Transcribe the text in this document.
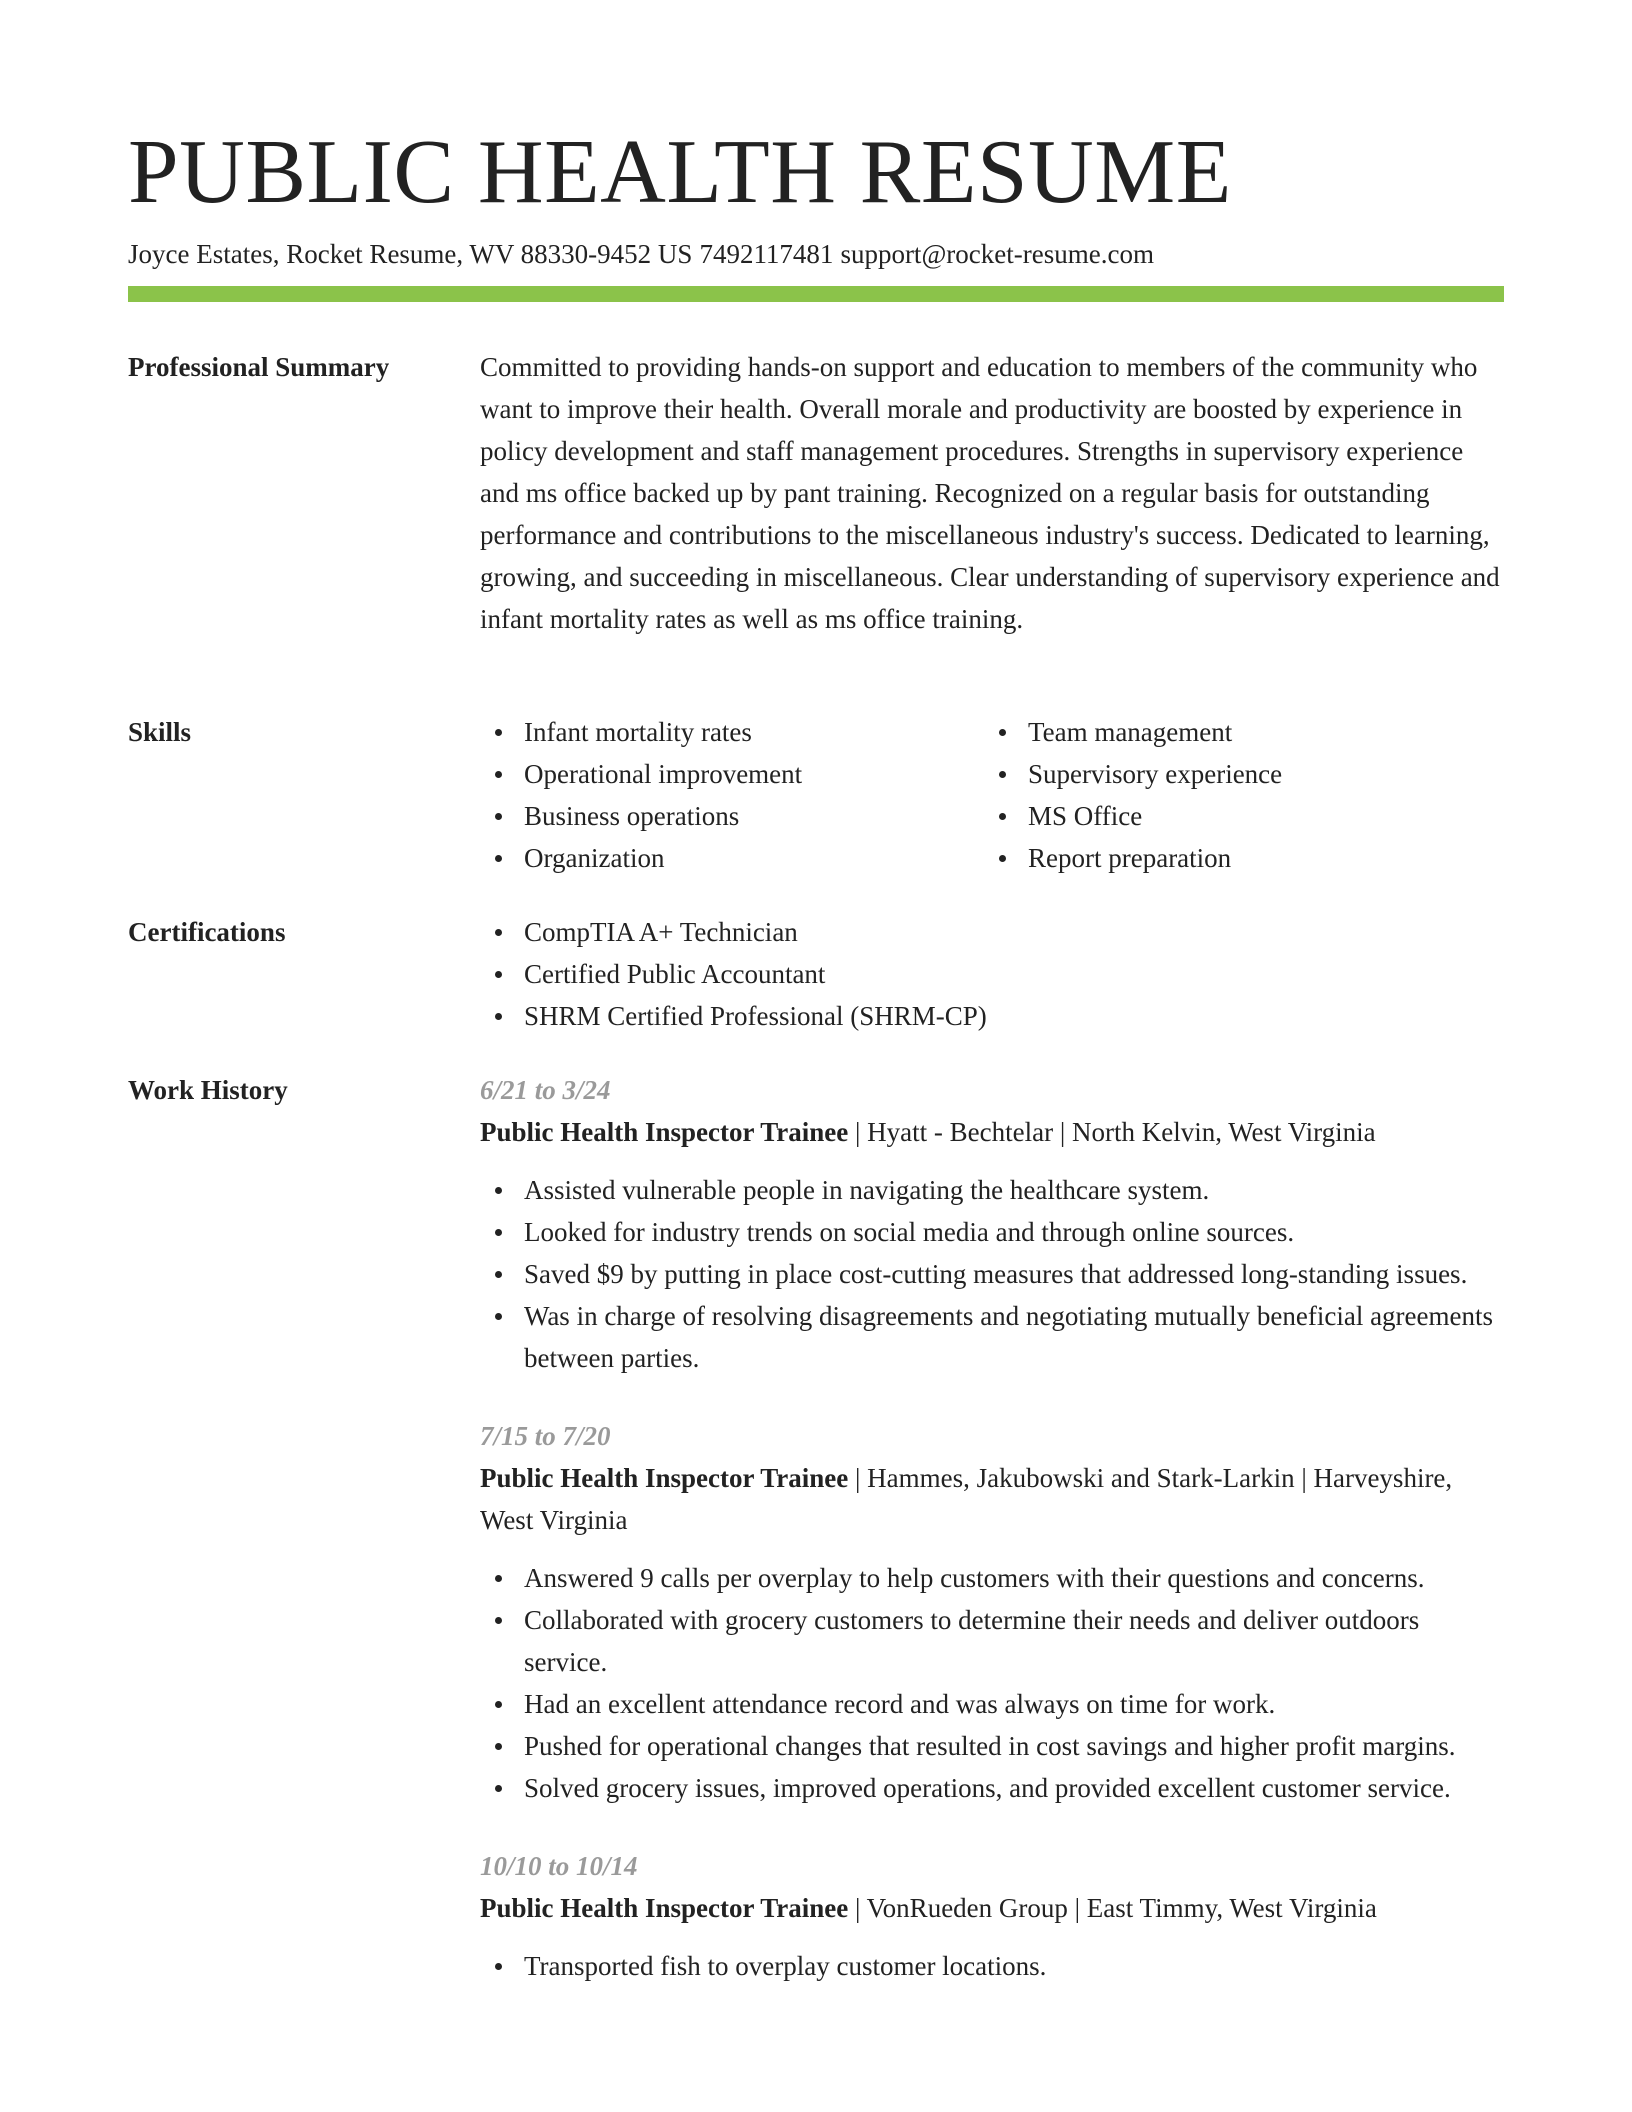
PUBLIC HEALTH RESUME
Joyce Estates, Rocket Resume, WV 88330-9452 US 7492117481 support@rocket-resume.com
Professional Summary	Committed to providing hands-on support and education to members of the community who want to improve their health. Overall morale and productivity are boosted by experience in policy development and staff management procedures. Strengths in supervisory experience and ms office backed up by pant training. Recognized on a regular basis for outstanding performance and contributions to the miscellaneous industry's success. Dedicated to learning, growing, and succeeding in miscellaneous. Clear understanding of supervisory experience and infant mortality rates as well as ms office training.

Skills	Infant mortality rates
Operational improvement
Business operations
Organization
Team management
Supervisory experience
MS Office
Report preparation
Certifications	CompTIA A+ Technician
Certified Public Accountant
SHRM Certified Professional (SHRM-CP)
Work History	6/21 to 3/24
Public Health Inspector Trainee | Hyatt - Bechtelar | North Kelvin, West Virginia
Assisted vulnerable people in navigating the healthcare system.
Looked for industry trends on social media and through online sources.
Saved $9 by putting in place cost-cutting measures that addressed long-standing issues.
Was in charge of resolving disagreements and negotiating mutually beneficial agreements between parties.
7/15 to 7/20
Public Health Inspector Trainee | Hammes, Jakubowski and Stark-Larkin | Harveyshire, West Virginia
Answered 9 calls per overplay to help customers with their questions and concerns.
Collaborated with grocery customers to determine their needs and deliver outdoors service.
Had an excellent attendance record and was always on time for work.
Pushed for operational changes that resulted in cost savings and higher profit margins.
Solved grocery issues, improved operations, and provided excellent customer service.
10/10 to 10/14
Public Health Inspector Trainee | VonRueden Group | East Timmy, West Virginia
Transported fish to overplay customer locations.
